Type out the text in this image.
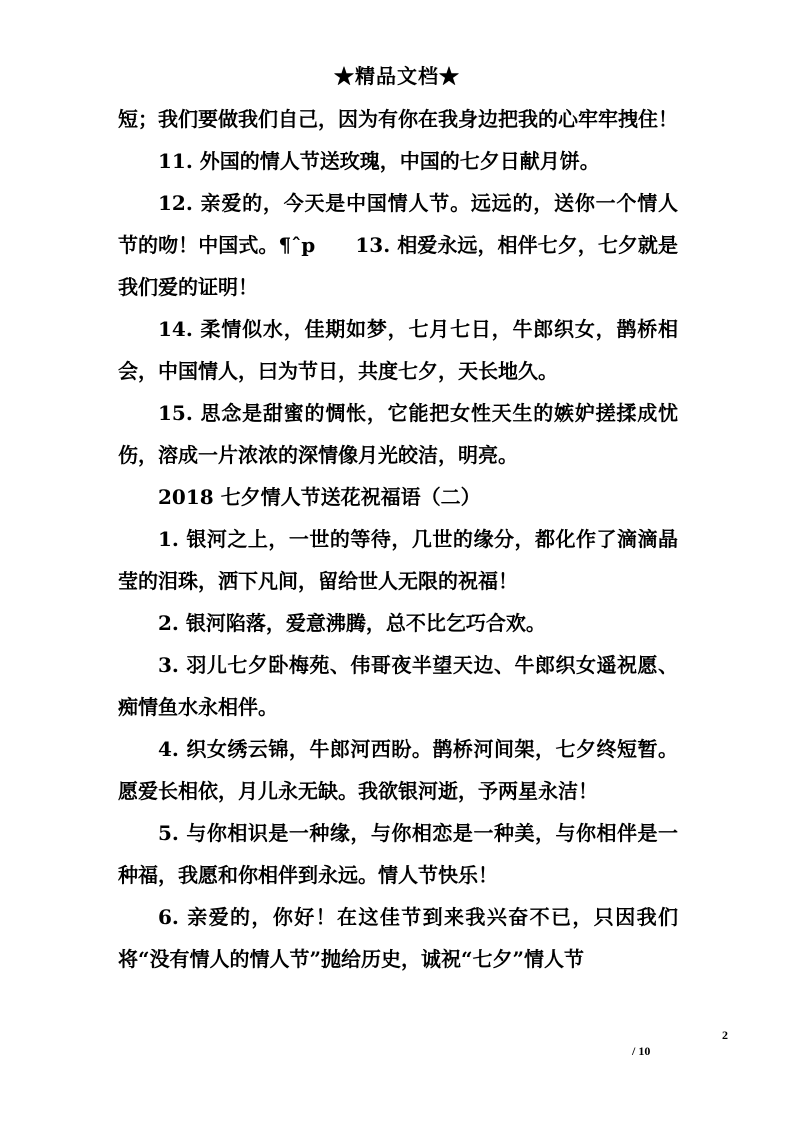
★精品文档★

短；我们要做我们自己，因为有你在我身边把我的心牢牢拽住！

11. 外国的情人节送玫瑰，中国的七夕日献月饼。

12. 亲爱的，今天是中国情人节。远远的，送你一个情人节的吻！中国式。¶ˆp　　13. 相爱永远，相伴七夕，七夕就是我们爱的证明！

14. 柔情似水，佳期如梦，七月七日，牛郎织女，鹊桥相会，中国情人，曰为节日，共度七夕，天长地久。

15. 思念是甜蜜的惆怅，它能把女性天生的嫉妒搓揉成忧伤，溶成一片浓浓的深情像月光皎洁，明亮。

2018 七夕情人节送花祝福语（二）

1. 银河之上，一世的等待，几世的缘分，都化作了滴滴晶莹的泪珠，洒下凡间，留给世人无限的祝福！

2. 银河陷落，爱意沸腾，总不比乞巧合欢。

3. 羽儿七夕卧梅苑、伟哥夜半望天边、牛郎织女遥祝愿、痴情鱼水永相伴。

4. 织女绣云锦，牛郎河西盼。鹊桥河间架，七夕终短暂。愿爱长相依，月儿永无缺。我欲银河逝，予两星永洁！

5. 与你相识是一种缘，与你相恋是一种美，与你相伴是一种福，我愿和你相伴到永远。情人节快乐！

6. 亲爱的，你好！在这佳节到来我兴奋不已，只因我们将“没有情人的情人节”抛给历史，诚祝“七夕”情人节

2
/ 10
